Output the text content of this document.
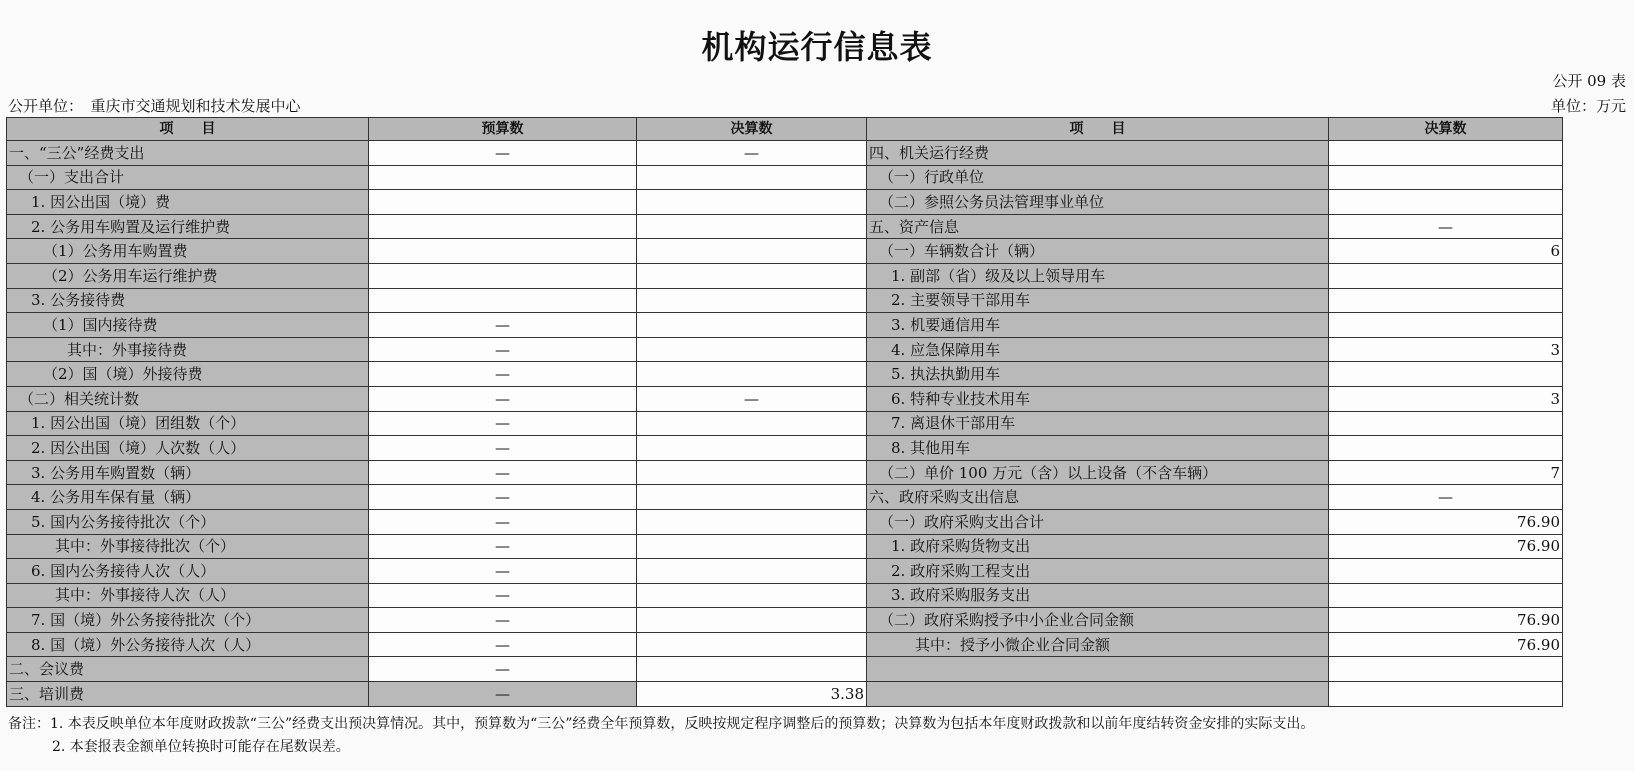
机构运行信息表
公开 09 表
公开单位：　重庆市交通规划和技术发展中心	单位：万元
项　　目	预算数	决算数	项　　目	决算数
一、“三公”经费支出	—	—	四、机关运行经费	
（一）支出合计			（一）行政单位	
1. 因公出国（境）费			（二）参照公务员法管理事业单位	
2. 公务用车购置及运行维护费			五、资产信息	—
（1）公务用车购置费			（一）车辆数合计（辆）	6
（2）公务用车运行维护费			1. 副部（省）级及以上领导用车	
3. 公务接待费			2. 主要领导干部用车	
（1）国内接待费	—		3. 机要通信用车	
其中：外事接待费	—		4. 应急保障用车	3
（2）国（境）外接待费	—		5. 执法执勤用车	
（二）相关统计数	—	—	6. 特种专业技术用车	3
1. 因公出国（境）团组数（个）	—		7. 离退休干部用车	
2. 因公出国（境）人次数（人）	—		8. 其他用车	
3. 公务用车购置数（辆）	—		（二）单价 100 万元（含）以上设备（不含车辆）	7
4. 公务用车保有量（辆）	—		六、政府采购支出信息	—
5. 国内公务接待批次（个）	—		（一）政府采购支出合计	76.90
其中：外事接待批次（个）	—		1. 政府采购货物支出	76.90
6. 国内公务接待人次（人）	—		2. 政府采购工程支出	
其中：外事接待人次（人）	—		3. 政府采购服务支出	
7. 国（境）外公务接待批次（个）	—		（二）政府采购授予中小企业合同金额	76.90
8. 国（境）外公务接待人次（人）	—		其中：授予小微企业合同金额	76.90
二、会议费	—			
三、培训费	—	3.38		
备注：1. 本表反映单位本年度财政拨款“三公”经费支出预决算情况。其中，预算数为“三公”经费全年预算数，反映按规定程序调整后的预算数；决算数为包括本年度财政拨款和以前年度结转资金安排的实际支出。
2. 本套报表金额单位转换时可能存在尾数误差。
